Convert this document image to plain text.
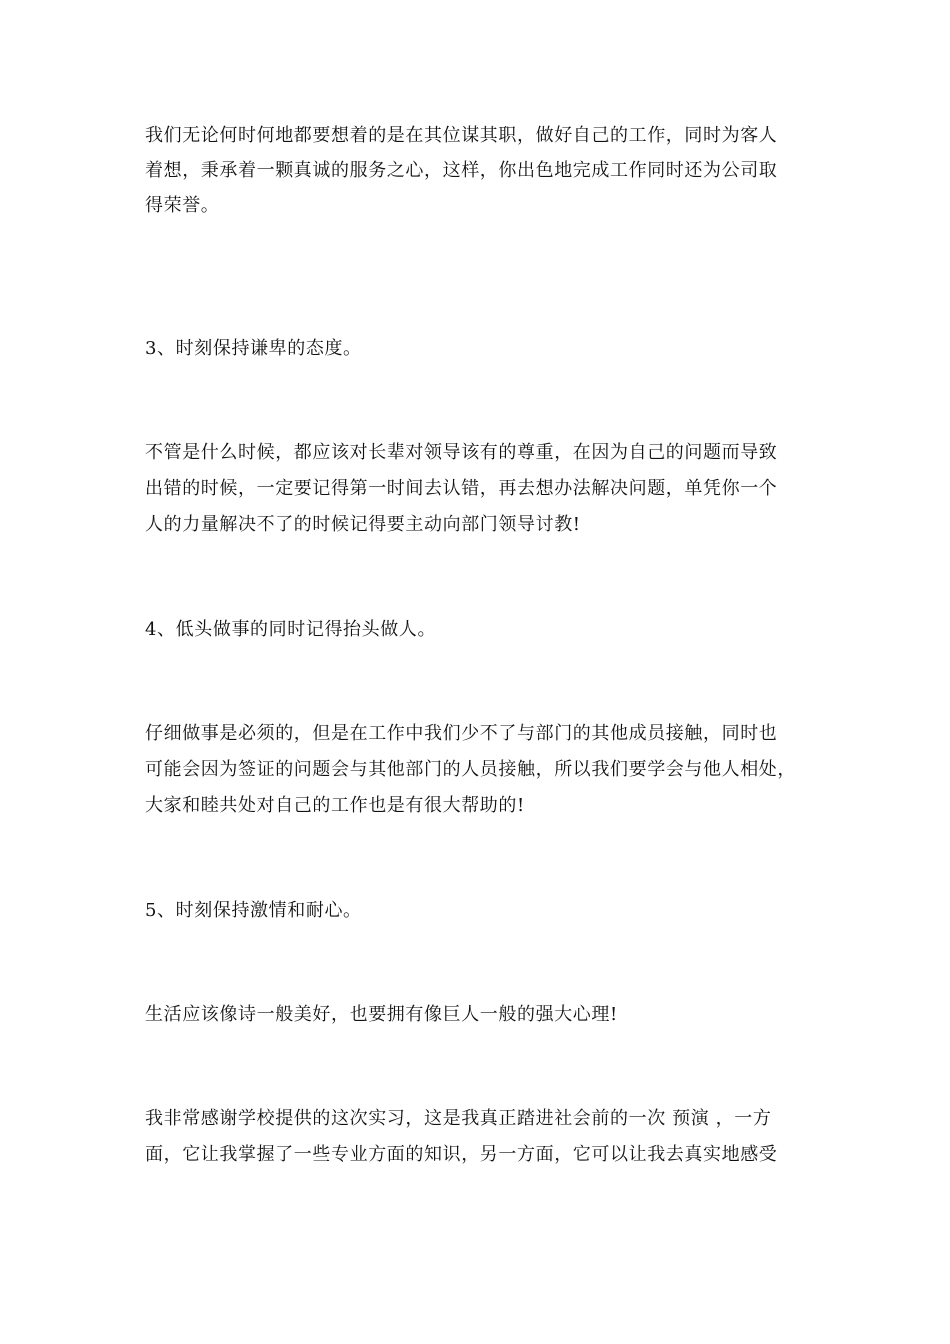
我们无论何时何地都要想着的是在其位谋其职，做好自己的工作，同时为客人
着想，秉承着一颗真诚的服务之心，这样，你出色地完成工作同时还为公司取
得荣誉。
3、时刻保持谦卑的态度。
不管是什么时候，都应该对长辈对领导该有的尊重，在因为自己的问题而导致
出错的时候，一定要记得第一时间去认错，再去想办法解决问题，单凭你一个
人的力量解决不了的时候记得要主动向部门领导讨教!
4、低头做事的同时记得抬头做人。
仔细做事是必须的，但是在工作中我们少不了与部门的其他成员接触，同时也
可能会因为签证的问题会与其他部门的人员接触，所以我们要学会与他人相处，
大家和睦共处对自己的工作也是有很大帮助的!
5、时刻保持激情和耐心。
生活应该像诗一般美好，也要拥有像巨人一般的强大心理!
我非常感谢学校提供的这次实习，这是我真正踏进社会前的一次 预演 ，一方
面，它让我掌握了一些专业方面的知识，另一方面，它可以让我去真实地感受
